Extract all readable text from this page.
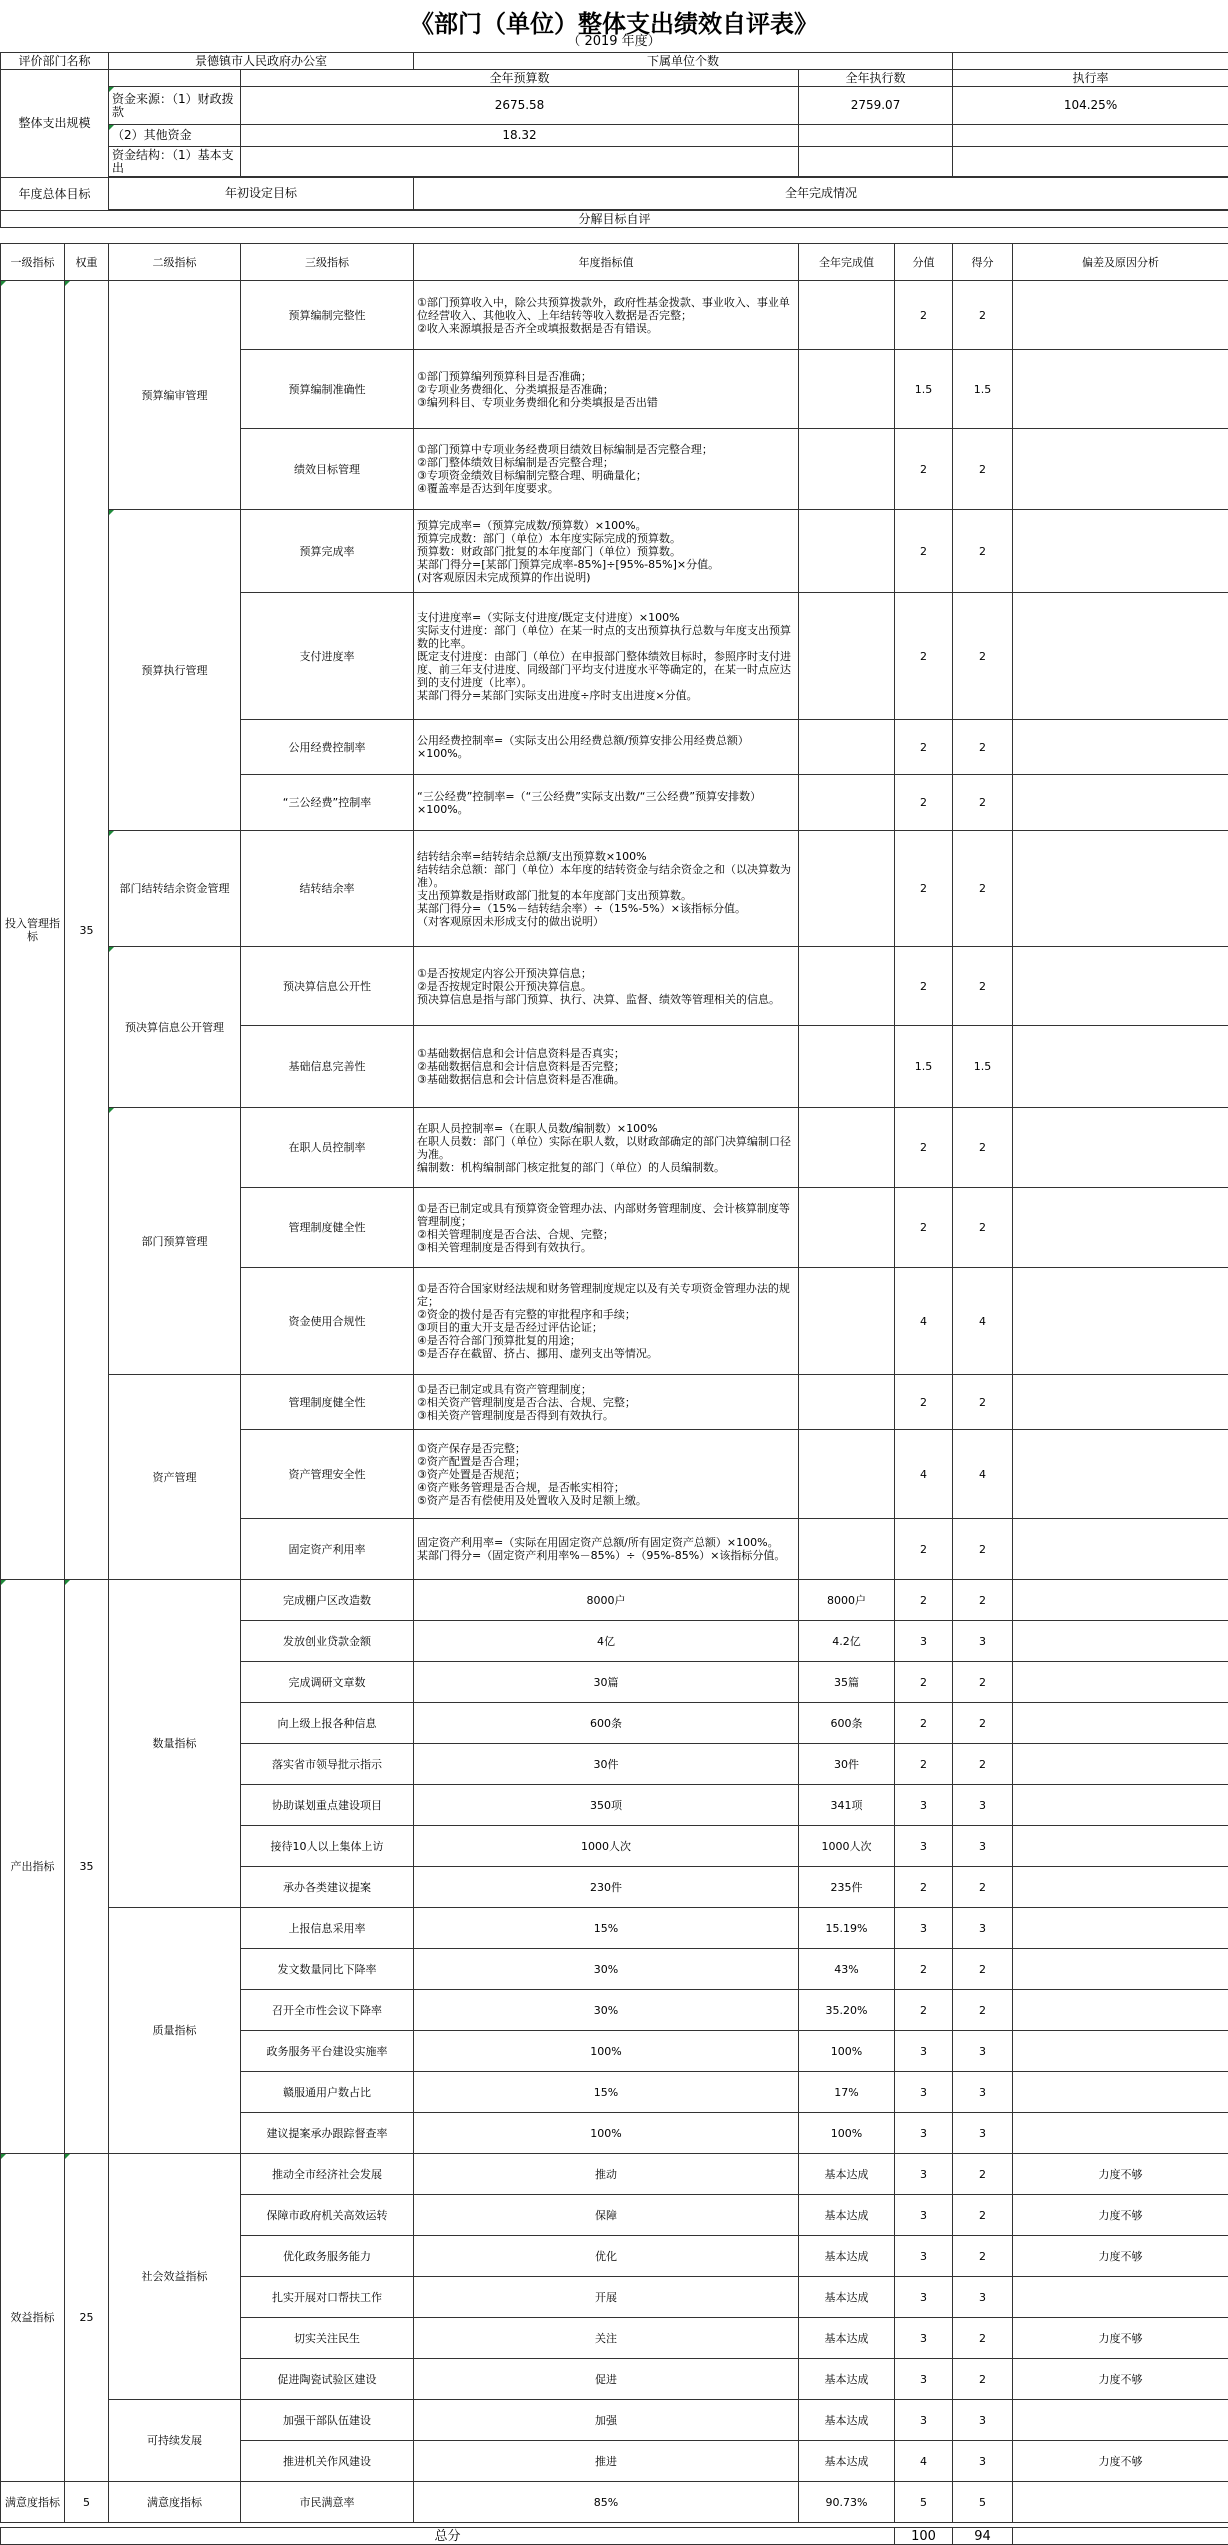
《部门（单位）整体支出绩效自评表》
（ 2019 年度）
评价部门名称	景德镇市人民政府办公室		下属单位个数		
整体支出规模		全年预算数		全年执行数	执行率
	资金来源：（1）财政拨款	2675.58		2759.07	104.25%
	（2）其他资金	18.32			
	资金结构：（1）基本支出				

年度总体目标	年初设定目标		全年完成情况		

分解目标自评					
一级指标	权重	二级指标	三级指标	年度指标值	全年完成值	分值	得分	偏差及原因分析
投入管理指标	35	预算编审管理	预算编制完整性	①部门预算收入中，除公共预算拨款外，政府性基金拨款、事业收入、事业单位经营收入、其他收入、上年结转等收入数据是否完整；
②收入来源填报是否齐全或填报数据是否有错误。		2	2	
			预算编制准确性	①部门预算编列预算科目是否准确；
②专项业务费细化、分类填报是否准确；
③编列科目、专项业务费细化和分类填报是否出错		1.5	1.5	
			绩效目标管理	①部门预算中专项业务经费项目绩效目标编制是否完整合理；
②部门整体绩效目标编制是否完整合理；
③专项资金绩效目标编制完整合理、明确量化；
④覆盖率是否达到年度要求。		2	2	
		预算执行管理	预算完成率	预算完成率=（预算完成数/预算数）×100%。
预算完成数：部门（单位）本年度实际完成的预算数。
预算数：财政部门批复的本年度部门（单位）预算数。
某部门得分=[某部门预算完成率-85%]÷[95%-85%]×分值。
(对客观原因未完成预算的作出说明)		2	2	
			支付进度率	支付进度率=（实际支付进度/既定支付进度）×100%
实际支付进度：部门（单位）在某一时点的支出预算执行总数与年度支出预算数的比率。
既定支付进度：由部门（单位）在申报部门整体绩效目标时，参照序时支付进度、前三年支付进度、同级部门平均支付进度水平等确定的，在某一时点应达到的支付进度（比率）。
某部门得分=某部门实际支出进度÷序时支出进度×分值。		2	2	
			公用经费控制率	公用经费控制率=（实际支出公用经费总额/预算安排公用经费总额）×100%。		2	2	
			“三公经费”控制率	“三公经费”控制率=（“三公经费”实际支出数/“三公经费”预算安排数）×100%。		2	2	
		部门结转结余资金管理	结转结余率	结转结余率=结转结余总额/支出预算数×100%
结转结余总额：部门（单位）本年度的结转资金与结余资金之和（以决算数为准）。
支出预算数是指财政部门批复的本年度部门支出预算数。
某部门得分=（15%－结转结余率）÷（15%-5%）×该指标分值。
（对客观原因未形成支付的做出说明）		2	2	
		预决算信息公开管理	预决算信息公开性	①是否按规定内容公开预决算信息；
②是否按规定时限公开预决算信息。
预决算信息是指与部门预算、执行、决算、监督、绩效等管理相关的信息。		2	2	
			基础信息完善性	①基础数据信息和会计信息资料是否真实；
②基础数据信息和会计信息资料是否完整；
③基础数据信息和会计信息资料是否准确。		1.5	1.5	
		部门预算管理	在职人员控制率	在职人员控制率=（在职人员数/编制数）×100%
在职人员数：部门（单位）实际在职人数，以财政部确定的部门决算编制口径为准。
编制数：机构编制部门核定批复的部门（单位）的人员编制数。		2	2	
			管理制度健全性	①是否已制定或具有预算资金管理办法、内部财务管理制度、会计核算制度等管理制度；
②相关管理制度是否合法、合规、完整；
③相关管理制度是否得到有效执行。		2	2	
			资金使用合规性	①是否符合国家财经法规和财务管理制度规定以及有关专项资金管理办法的规定；
②资金的拨付是否有完整的审批程序和手续；
③项目的重大开支是否经过评估论证；
④是否符合部门预算批复的用途；
⑤是否存在截留、挤占、挪用、虚列支出等情况。		4	4	
		资产管理	管理制度健全性	①是否已制定或具有资产管理制度；
②相关资产管理制度是否合法、合规、完整；
③相关资产管理制度是否得到有效执行。		2	2	
			资产管理安全性	①资产保存是否完整；
②资产配置是否合理；
③资产处置是否规范；
④资产账务管理是否合规，是否帐实相符；
⑤资产是否有偿使用及处置收入及时足额上缴。		4	4	
			固定资产利用率	固定资产利用率=（实际在用固定资产总额/所有固定资产总额）×100%。
某部门得分=（固定资产利用率%－85%）÷（95%-85%）×该指标分值。		2	2	
产出指标	35	数量指标	完成棚户区改造数	8000户	8000户	2	2	
			发放创业贷款金额	4亿	4.2亿	3	3	
			完成调研文章数	30篇	35篇	2	2	
			向上级上报各种信息	600条	600条	2	2	
			落实省市领导批示指示	30件	30件	2	2	
			协助谋划重点建设项目	350项	341项	3	3	
			接待10人以上集体上访	1000人次	1000人次	3	3	
			承办各类建议提案	230件	235件	2	2	
		质量指标	上报信息采用率	15%	15.19%	3	3	
			发文数量同比下降率	30%	43%	2	2	
			召开全市性会议下降率	30%	35.20%	2	2	
			政务服务平台建设实施率	100%	100%	3	3	
			赣服通用户数占比	15%	17%	3	3	
			建议提案承办跟踪督查率	100%	100%	3	3	
效益指标	25	社会效益指标	推动全市经济社会发展	推动	基本达成	3	2	力度不够
			保障市政府机关高效运转	保障	基本达成	3	2	力度不够
			优化政务服务能力	优化	基本达成	3	2	力度不够
			扎实开展对口帮扶工作	开展	基本达成	3	3	
			切实关注民生	关注	基本达成	3	2	力度不够
			促进陶瓷试验区建设	促进	基本达成	3	2	力度不够
		可持续发展	加强干部队伍建设	加强	基本达成	3	3	
			推进机关作风建设	推进	基本达成	4	3	力度不够
满意度指标	5	满意度指标	市民满意率	85%	90.73%	5	5	
总分	100	94	
